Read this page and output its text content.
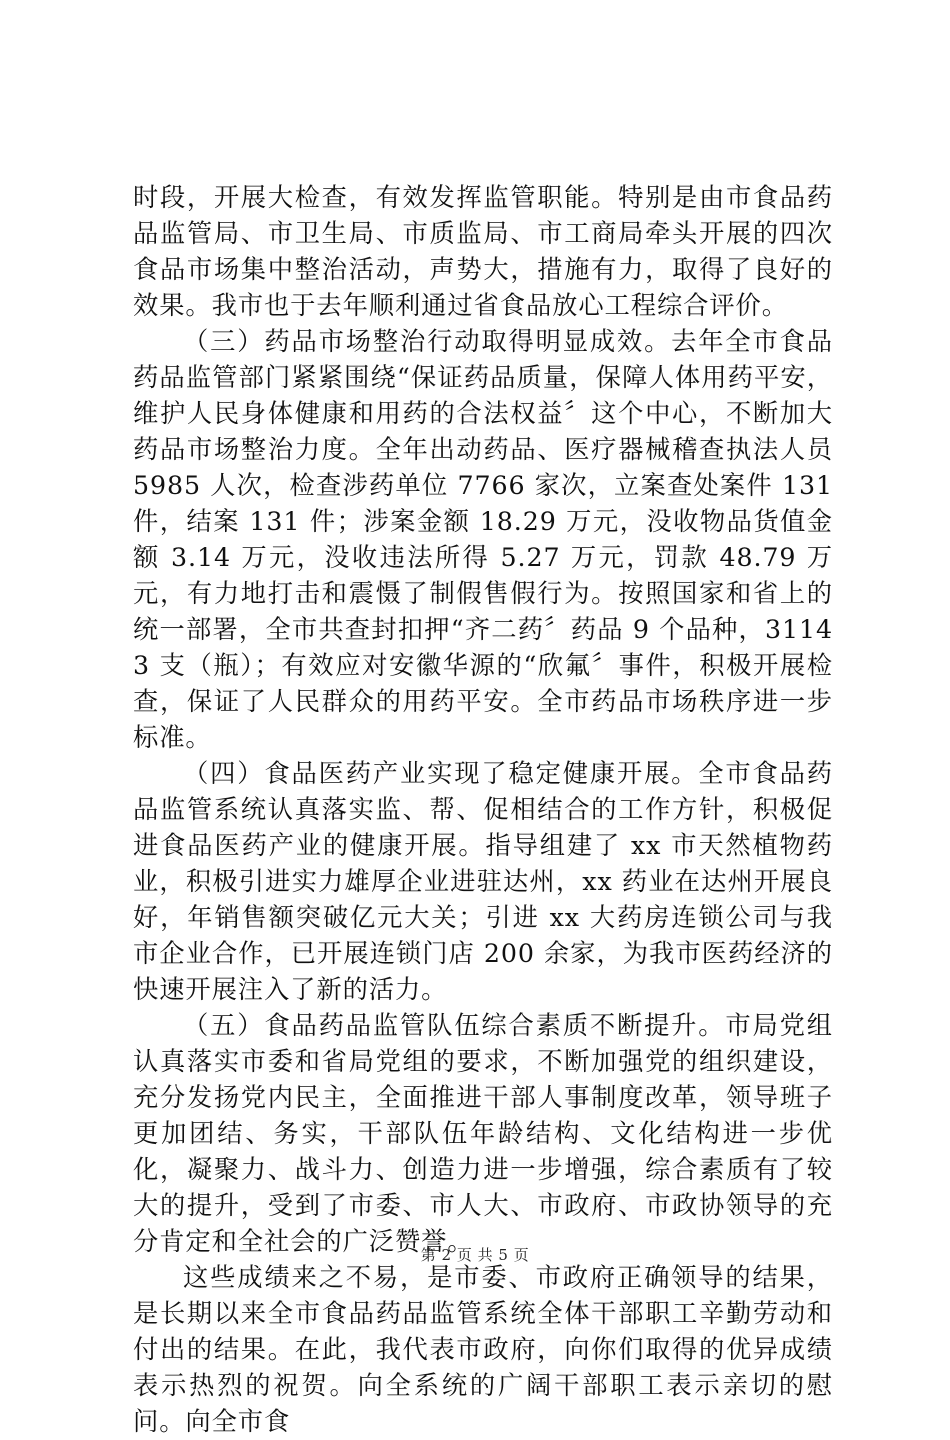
时段，开展大检查，有效发挥监管职能。特别是由市食品药品监管局、市卫生局、市质监局、市工商局牵头开展的四次食品市场集中整治活动，声势大，措施有力，取得了良好的效果。我市也于去年顺利通过省食品放心工程综合评价。

（三）药品市场整治行动取得明显成效。去年全市食品药品监管部门紧紧围绕“保证药品质量，保障人体用药平安，维护人民身体健康和用药的合法权益〞这个中心，不断加大药品市场整治力度。全年出动药品、医疗器械稽查执法人员 5985 人次，检查涉药单位 7766 家次，立案查处案件 131 件，结案 131 件；涉案金额 18.29 万元，没收物品货值金额 3.14 万元，没收违法所得 5.27 万元，罚款 48.79 万元，有力地打击和震慑了制假售假行为。按照国家和省上的统一部署，全市共查封扣押“齐二药〞药品 9 个品种，31143 支（瓶）；有效应对安徽华源的“欣氟〞事件，积极开展检查，保证了人民群众的用药平安。全市药品市场秩序进一步标准。

（四）食品医药产业实现了稳定健康开展。全市食品药品监管系统认真落实监、帮、促相结合的工作方针，积极促进食品医药产业的健康开展。指导组建了 xx 市天然植物药业，积极引进实力雄厚企业进驻达州，xx 药业在达州开展良好，年销售额突破亿元大关；引进 xx 大药房连锁公司与我市企业合作，已开展连锁门店 200 余家，为我市医药经济的快速开展注入了新的活力。

（五）食品药品监管队伍综合素质不断提升。市局党组认真落实市委和省局党组的要求，不断加强党的组织建设，充分发扬党内民主，全面推进干部人事制度改革，领导班子更加团结、务实，干部队伍年龄结构、文化结构进一步优化，凝聚力、战斗力、创造力进一步增强，综合素质有了较大的提升，受到了市委、市人大、市政府、市政协领导的充分肯定和全社会的广泛赞誉。

这些成绩来之不易，是市委、市政府正确领导的结果，是长期以来全市食品药品监管系统全体干部职工辛勤劳动和付出的结果。在此，我代表市政府，向你们取得的优异成绩表示热烈的祝贺。向全系统的广阔干部职工表示亲切的慰问。向全市食

第 2 页 共 5 页
